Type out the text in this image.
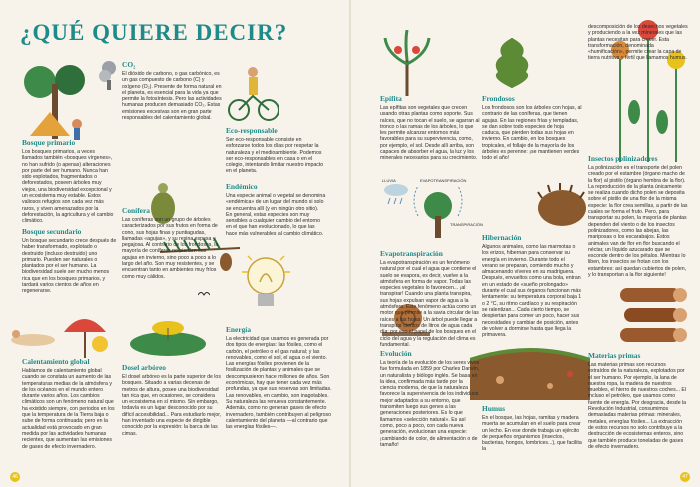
¿QUÉ QUIERE DECIR?
CO₂

El dióxido de carbono, o gas carbónico, es un gas compuesto de carbono (C) y oxígeno (O₂). Presente de forma natural en el planeta, es esencial para la vida ya que permite la fotosíntesis. Pero las actividades humanas producen demasiado CO₂. Estas emisiones excesivas son en gran parte responsables del calentamiento global.

Bosque primario

Los bosques primarios, a veces llamados también «bosques vírgenes», no han sufrido (o apenas) alteraciones por parte del ser humano. Nunca han sido explotados, fragmentados o deforestados, poseen árboles muy viejos, una biodiversidad excepcional y un ecosistema muy estable. Estos valiosos refugios son cada vez más raros, y viven amenazados por la deforestación, la agricultura y el cambio climático.

Bosque secundario

Un bosque secundario crece después de haber transformado, explotado o destruido (incluso destruido) uno primario. Pueden ser naturales o plantados por el ser humano. La biodiversidad suele ser mucho menos rica que en los bosques primarios, y tardará varios cientos de años en regenerarse.

Calentamiento global

Hablamos de calentamiento global cuando se constata un aumento de las temperaturas medias de la atmósfera y de los océanos en el mundo entero durante varios años. Los cambios climáticos son un fenómeno natural que ha existido siempre, con periodos en los que la temperatura de la Tierra baja o sube de forma continuada; pero en la actualidad está provocado en gran medida por las actividades humanas recientes, que aumentan las emisiones de gases de efecto invernadero.

Conífera

Las coníferas son un grupo de árboles caracterizados por sus frutos en forma de cono, sus hojas finas y puntiagudas, llamadas «agujas», y su resina espesa y pegajosa. Al contrario de los frondosos, la mayoría de coníferas no pierden sus agujas en invierno, sino poco a poco a lo largo del año. Son muy resistentes, y se encuentran tanto en ambientes muy fríos como muy cálidos.

Eco-responsable

Ser eco-responsable consiste en esforzarse todos los días por respetar la naturaleza y el medioambiente. Podemos ser eco-responsables en casa o en el colegio, intentando limitar nuestro impacto en el planeta.

Endémico

Una especie animal o vegetal se denomina «endémica» de un lugar del mundo si solo se encuentra allí (y en ningún otro sitio). En general, estas especies son muy sensibles a cualquier cambio del entorno en el que han evolucionado, lo que las hace más vulnerables al cambio climático.

Dosel arbóreo

El dosel arbóreo es la parte superior de los bosques. Situado a varias decenas de metros de altura, posee una biodiversidad tan rica que, en ocasiones, se considera un ecosistema en sí mismo. Sin embargo, todavía es un lugar desconocido por su difícil accesibilidad... Para estudiarlo mejor, han inventado una especie de dirigible conocido por la expresión: la barca de las cimas.

Energía

La electricidad que usamos es generada por dos tipos de energías: las fósiles, como el carbón, el petróleo o el gas natural; y las renovables, como el sol, el agua o el viento. Las energías fósiles provienen de la fosilización de plantas y animales que se descompusieron hace millones de años. Son económicas, hay que tener cada vez más profundas, ya que sus reservas son limitadas. Las renovables, en cambio, son inagotables. Su naturaleza las renueva constantemente. Además, como no generan gases de efecto invernadero, también contribuyen al peligroso calentamiento del planeta —al contrario que las energías fósiles—.

46
LLUVIA	EVAPOTRANSPIRACIÓN
TRANSPIRACIÓN
Epífita

Las epífitas son vegetales que crecen usando otras plantas como soporte. Sus raíces, que no tocan el suelo, se agarran al tronco o las ramas de los árboles, lo que les permite alcanzar entornos más favorables para su supervivencia, como, por ejemplo, el sol. Desde allí arriba, son capaces de absorber el agua, la luz y los minerales necesarios para su crecimiento.

Frondosos

Los frondosos son los árboles con hojas, al contrario de las coníferas, que tienen agujas. En las regiones frías y templadas, se dan sobre todo especies de hoja caduca, que pierden todas sus hojas en invierno. En cambio, en los bosques tropicales, el follaje de la mayoría de los árboles es perenne: ¡se mantienen verdes todo el año!

Evapotranspiración

La evapotranspiración es un fenómeno natural por el cual el agua que contiene el suelo se evapora, es decir, vuelve a la atmósfera en forma de vapor. Todas las especies vegetales lo favorecen... ¡al transpirar! Cuando una planta transpira, sus hojas expulsan vapor de agua a la atmósfera. Este fenómeno actúa como un motor que permite a la savia circular de las raíces a las hojas. Un árbol puede llegar a transpirar cientos de litros de agua cada día: por eso el papel de los bosques en el ciclo del agua y la regulación del clima es fundamental.

Hibernación

Algunos animales, como las marmotas o los erizos, hibernan para conservar su energía en invierno. Durante todo el verano se preparan, comiendo mucho y almacenando víveres en su madriguera. Después, envueltos como una bola, entran en un estado de «sueño prolongado» durante el cual sus órganos funcionan más lentamente: su temperatura corporal baja 1 o 2 °C, su ritmo cardíaco y su respiración se ralentizan... Cada cierto tiempo, se despiertan para comer un poco, hacer sus necesidades y cambiar de posición, antes de volver a dormirse hasta que llega la primavera.

Evolución

La teoría de la evolución de los seres vivos fue formulada en 1859 por Charles Darwin, un naturalista y biólogo inglés. Se basa en la idea, confirmada más tarde por la ciencia moderna, de que la naturaleza favorece la supervivencia de los individuos mejor adaptados a su entorno, que transmiten luego sus genes a las generaciones posteriores. Es lo que llamamos «selección natural». Es así como, poco a poco, con cada nueva generación, evolucionan una especie: ¡cambiando de color, de alimentación o de tamaño!

Humus

En el bosque, las hojas, ramitas y madera muerta se acumulan en el suelo para crear un lecho. En ese donde trabaja un ejército de pequeños organismos (insectos, bacterias, hongos, lombrices...), que facilita la

descomposición de los desechos vegetales y produciendo a la vez minerales que las plantas necesitan para crecer. Esta transformación, denominada «humificación», permite crear la capa de tierra nutritiva y fértil que llamamos humus.

Insectos polinizadores

La polinización es el transporte del polen creado por el estambre (órgano macho de la flor) al pistilo (órgano hembra de la flor). La reproducción de la planta únicamente se realiza cuando dicho polen se deposita sobre el pistilo de una flor de la misma especie: la flor crea semillas, a partir de las cuales se forma el fruto. Pero, para transportar su polen, la mayoría de plantas dependen del viento o de los insectos polinizadores, como las abejas, las mariposas o los escarabajos. Estos animales van de flor en flor buscando el néctar, un líquido azucarado que se esconde dentro de los pétalos. Mientras lo liben, los insectos se frotan con los estambres: así quedan cubiertos de polen, y lo transportan a la flor siguiente!

Materias primas

Las materias primas son recursos extraídos de la naturaleza, explotados por el ser humano. Por ejemplo, la lana de nuestra ropa, la madera de nuestros muebles, el hierro de nuestros coches... El incluso el petróleo, que usamos como fuente de energía. Por desgracia, desde la Revolución Industrial, consumimos demasiadas materias primas: minerales, metales, energías fósiles... La extracción de estos recursos no solo contribuye a la destrucción de ecosistemas enteros, sino que también produce toneladas de gases de efecto invernadero.

47
